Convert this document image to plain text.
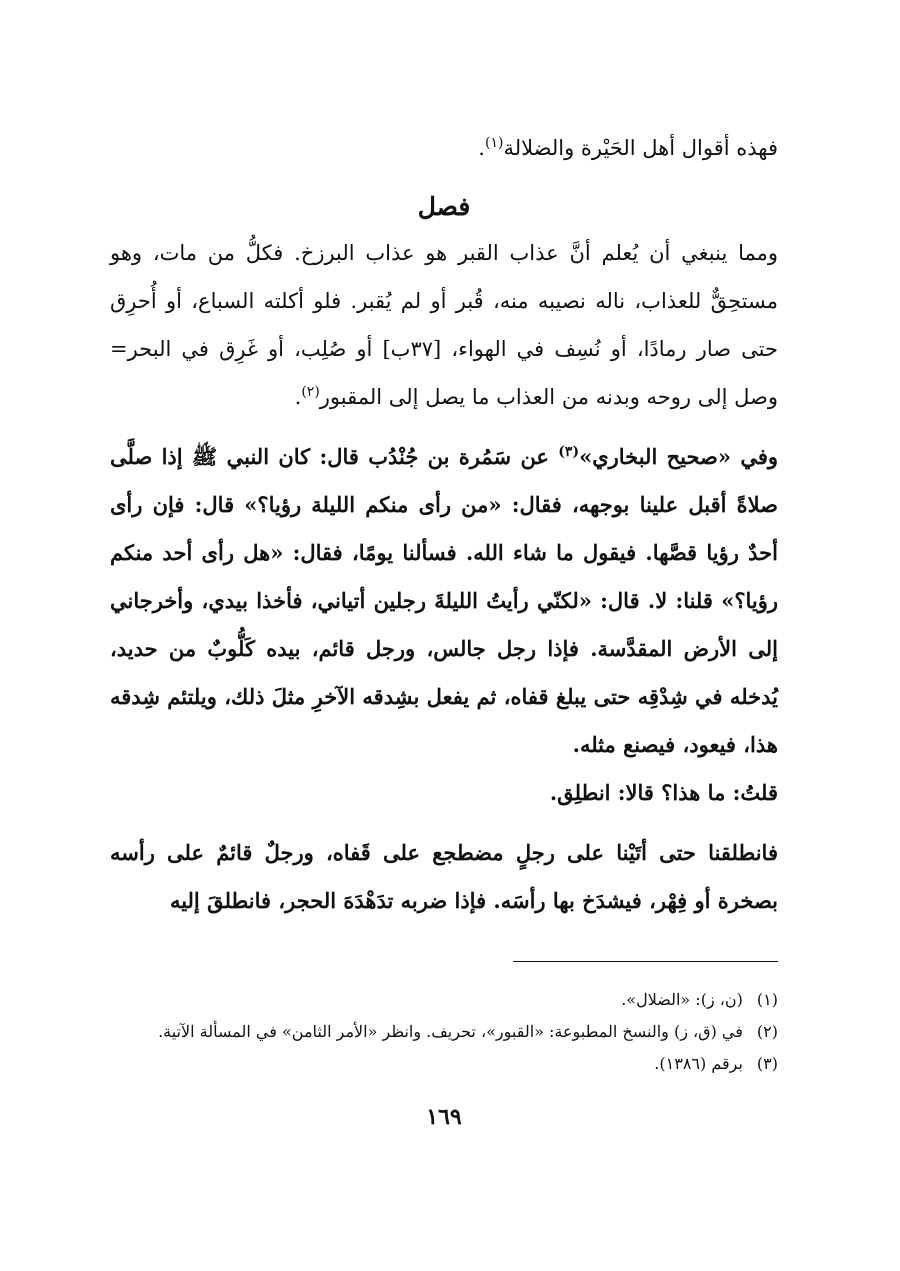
فهذه أقوال أهل الحَيْرة والضلالة$^{(١)}$.
فصل
ومما ينبغي أن يُعلم أنَّ عذاب القبر هو عذاب البرزخ. فكلُّ من مات، وهو مستحِقٌّ للعذاب، ناله نصيبه منه، قُبر أو لم يُقبر. فلو أكلته السباع، أو أُحرِق حتى صار رمادًا، أو نُسِف في الهواء، [٣٧ب] أو صُلِب، أو غَرِق في البحر= وصل إلى روحه وبدنه من العذاب ما يصل إلى المقبور$^{(٢)}$.
وفي «صحيح البخاري»$^{(٣)}$ عن سَمُرة بن جُنْدُب قال: كان النبي ﷺ إذا صلَّى صلاةً أقبل علينا بوجهه، فقال: «من رأى منكم الليلة رؤيا؟» قال: فإن رأى أحدٌ رؤيا قصَّها. فيقول ما شاء الله. فسألنا يومًا، فقال: «هل رأى أحد منكم رؤيا؟» قلنا: لا. قال: «لكنّي رأيتُ الليلةَ رجلين أتياني، فأخذا بيدي، وأخرجاني إلى الأرض المقدَّسة. فإذا رجل جالس، ورجل قائم، بيده كَلُّوبٌ من حديد، يُدخله في شِدْقِه حتى يبلغ قفاه، ثم يفعل بشِدقه الآخرِ مثلَ ذلك، ويلتئم شِدقه هذا، فيعود، فيصنع مثله.
قلتُ: ما هذا؟ قالا: انطلِق.
فانطلقنا حتى أتَيْنا على رجلٍ مضطجع على قَفاه، ورجلٌ قائمٌ على رأسه بصخرة أو فِهْر، فيشدَخ بها رأسَه. فإذا ضربه تدَهْدَهَ الحجر، فانطلقَ إليه
(١)
(ن، ز): «الضلال».
(٢)
في (ق، ز) والنسخ المطبوعة: «القبور»، تحريف. وانظر «الأمر الثامن» في المسألة الآتية.
(٣)
برقم (١٣٨٦).
١٦٩
